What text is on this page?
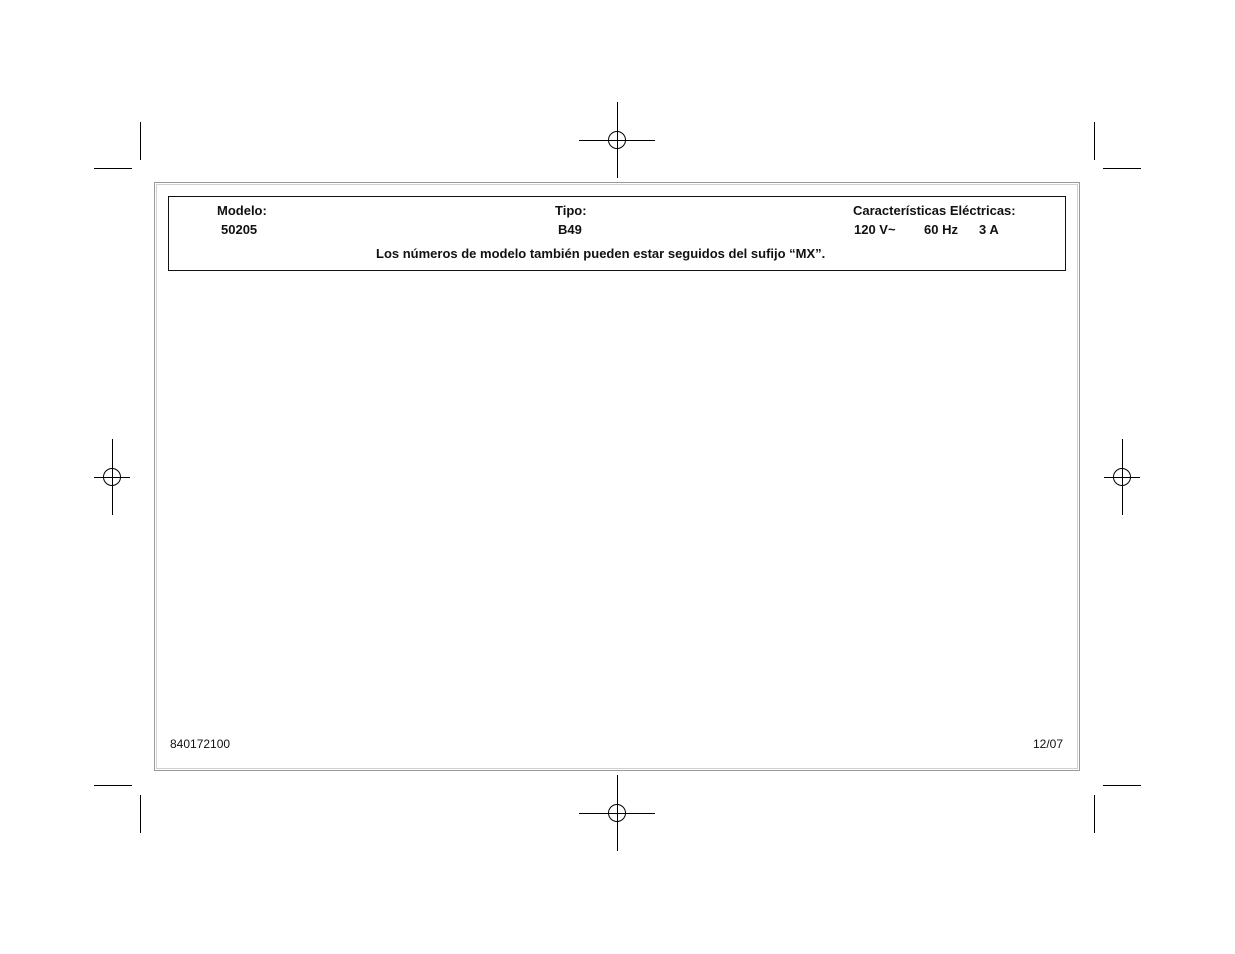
Modelo:
50205
Tipo:
B49
Características Eléctricas:
120 V~ 60 Hz 3 A
Los números de modelo también pueden estar seguidos del sufijo “MX”.
840172100	12/07
